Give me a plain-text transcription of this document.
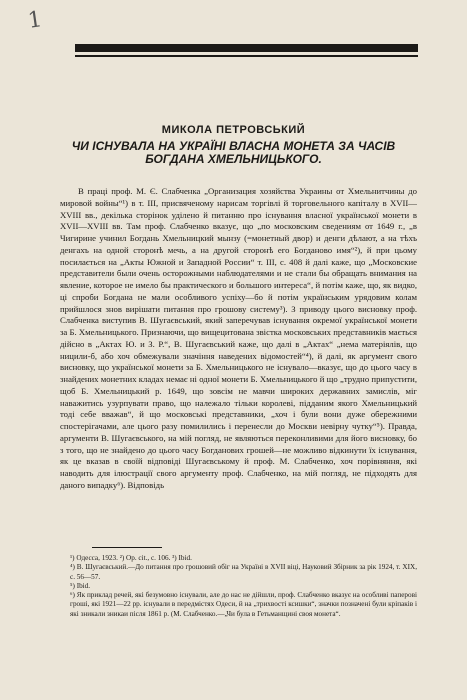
1
МИКОЛА ПЕТРОВСЬКИЙ
ЧИ ІСНУВАЛА НА УКРАЇНІ ВЛАСНА МОНЕТА ЗА ЧАСІВ БОГДАНА ХМЕЛЬНИЦЬКОГО.

В праці проф. М. Є. Слабченка „Организация хозяйства Украины от Хмельнитчины до мировой войны“¹) в т. ІІІ, присвяченому нарисам торгівлі й торговельного капіталу в XVII—XVIII вв., декілька сторінок уділено й питанню про існування власної української монети в XVII—XVIII вв. Там проф. Слабченко вказує, що „по московским сведениям от 1649 г., „в Чигирине учинил Богдань Хмельницкий мынзу (=монетный двор) и денги дѣлают, а на тѣхъ денгахъ на одной сторонѣ мечь, а на другой сторонѣ его Богданово имя“²), й при цьому посилається на „Акты Южной и Западной России“ т. ІІІ, с. 408 й далі каже, що „Московские представители были очень осторожными наблюдателями и не стали бы обращать внимания на явление, которое не имело бы практического и большого интереса“, й потім каже, що, як видко, ці спроби Богдана не мали особливого успіху—бо й потім українським урядовим колам прийшлося знов вирішати питання про грошову систему³). З приводу цього висновку проф. Слабченка виступив В. Шугаєвський, який заперечував існування окремої української монети за Б. Хмельницького. Признаючи, що вищецитована звістка московських представників мається дійсно в „Актах Ю. и З. Р.“, В. Шугаєвський каже, що далі в „Актах“ „нема матеріялів, що ницили-б, або хоч обмежували значіння наведених відомостей“⁴), й далі, як аргумент свого висновку, що української монети за Б. Хмельницького не існувало—вказує, що до цього часу в знайдених монетних кладах немає ні одної монети Б. Хмельницького й що „трудно припустити, щоб Б. Хмельницький р. 1649, що зовсім не мавчи широких державних замислів, міг наважитись узурпувати право, що належало тільки королеві, підданим якого Хмельницький тоді себе вважав“, й що московські представники, „хоч і були вони дуже обережними спостерігачами, але цього разу помилились і перенесли до Москви невірну чутку“⁵). Правда, аргументи В. Шугаєвського, на мій погляд, не являються переконливими для його висновку, бо з того, що не знайдено до цього часу Богданових грошей—не можливо відкинути їх існування, як це вказав в своїй відповіді Шугаєвському й проф. М. Слабченко, хоч порівняння, які наводить для ілюстрації свого аргументу проф. Слабченко, на мій погляд, не підходять для даного випадку⁶). Відповідь

¹) Одесса, 1923. ²) Op. cit., с. 106. ³) Ibid.

⁴) В. Шугаєвський.—До питання про грошовий обіг на Україні в XVII віці, Науковий Збірник за рік 1924, т. XIX, с. 56—57.

⁵) Ibid.

⁶) Як приклад речей, які безумовно існували, але до нас не дійшли, проф. Слабченко вказує на особливі паперові гроші, які 1921—22 рр. існували в передмістях Одеси, й на „трихвості ксишки“, значки позначені були кріпаків і які зникали зникаи після 1861 р. (М. Слабченко.—„Чи була в Гетьманщині своя монета“.
